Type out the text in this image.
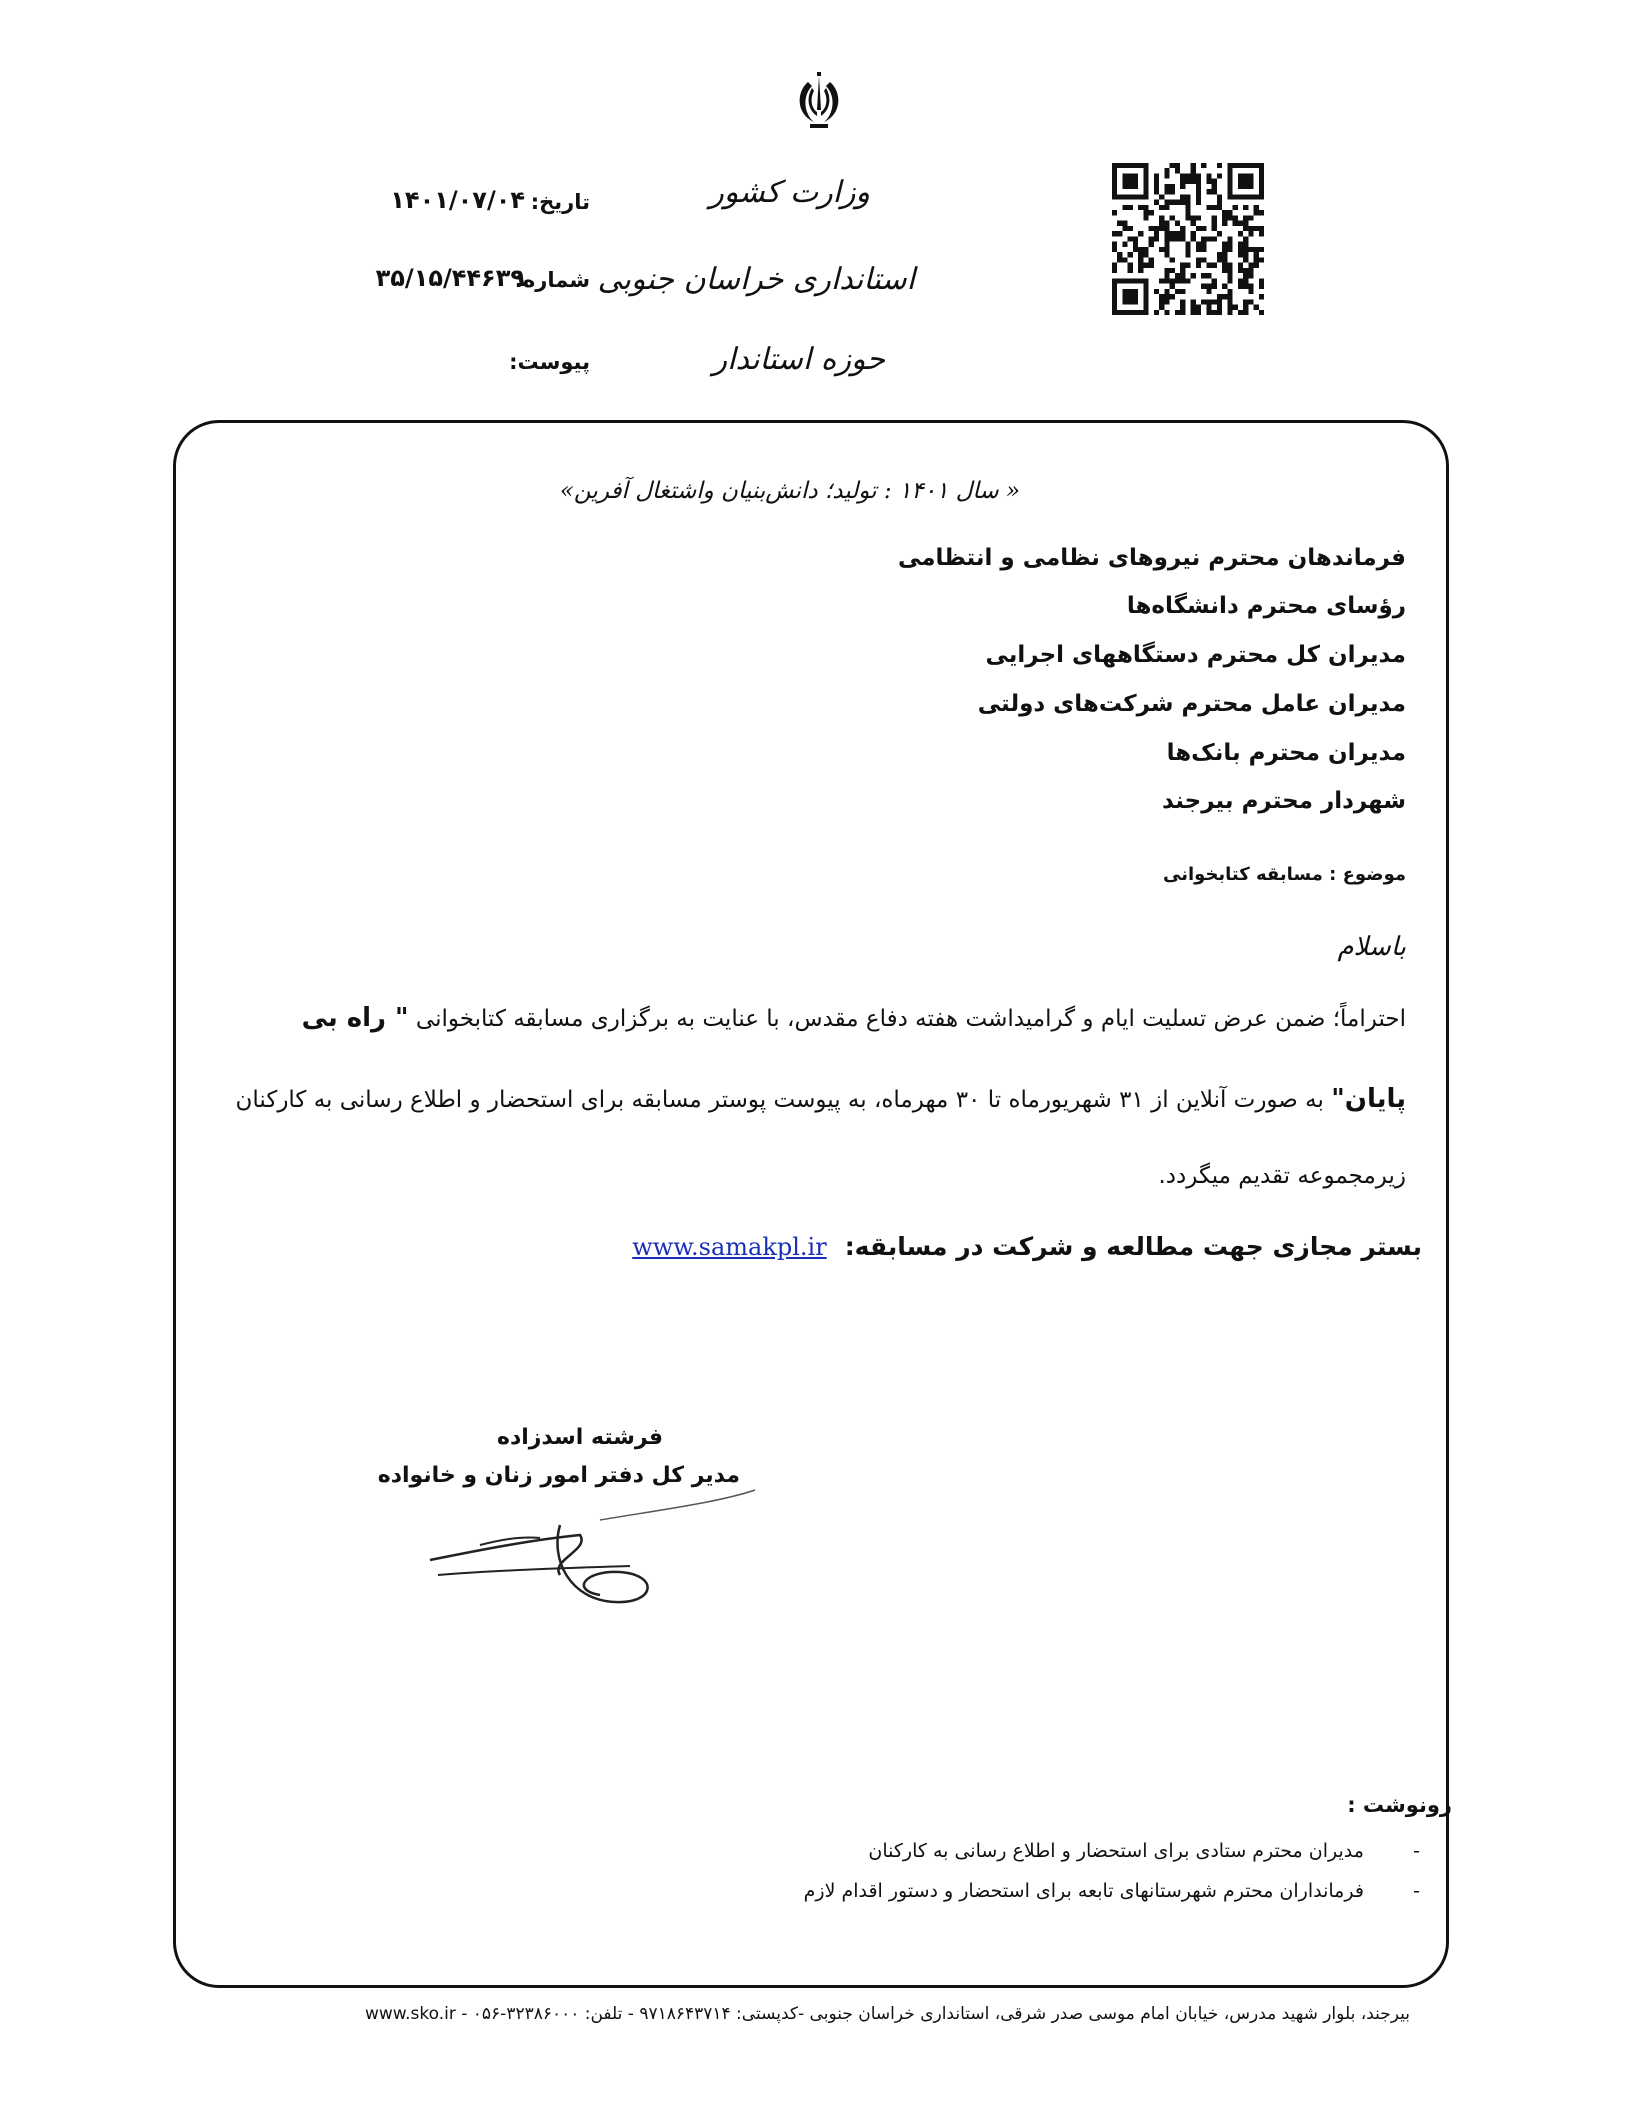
وزارت کشور
استانداری خراسان جنوبی
حوزه استاندار
تاریخ:
۱۴۰۱/۰۷/۰۴
شماره:
۳۵/۱۵/۴۴۶۳۹
پیوست:
« سال ۱۴۰۱ : تولید؛ دانش‌بنیان واشتغال آفرین»
فرماندهان محترم نیروهای نظامی و انتظامی
رؤسای محترم دانشگاه‌ها
مدیران کل محترم دستگاههای اجرایی
مدیران عامل محترم شرکت‌های دولتی
مدیران محترم بانک‌ها
شهردار محترم بیرجند
موضوع : مسابقه کتابخوانی
باسلام
احتراماً؛ ضمن عرض تسلیت ایام و گرامیداشت هفته دفاع مقدس، با عنایت به برگزاری مسابقه کتابخوانی " راه بی
پایان" به صورت آنلاین از ۳۱ شهریورماه تا ۳۰ مهرماه، به پیوست پوستر مسابقه برای استحضار و اطلاع رسانی به کارکنان
زیرمجموعه تقدیم میگردد.
بستر مجازی جهت مطالعه و شرکت در مسابقه:www.samakpl.ir
فرشته اسدزاده
مدیر کل دفتر امور زنان و خانواده
رونوشت :
-  مدیران محترم ستادی برای استحضار و اطلاع رسانی به کارکنان
-  فرمانداران محترم شهرستانهای تابعه برای استحضار و دستور اقدام لازم
بیرجند، بلوار شهید مدرس، خیابان امام موسی صدر شرقی، استانداری خراسان جنوبی -کدپستی: ۹۷۱۸۶۴۳۷۱۴ - تلفن: ۳۲۳۸۶۰۰۰-۰۵۶ - www.sko.ir
